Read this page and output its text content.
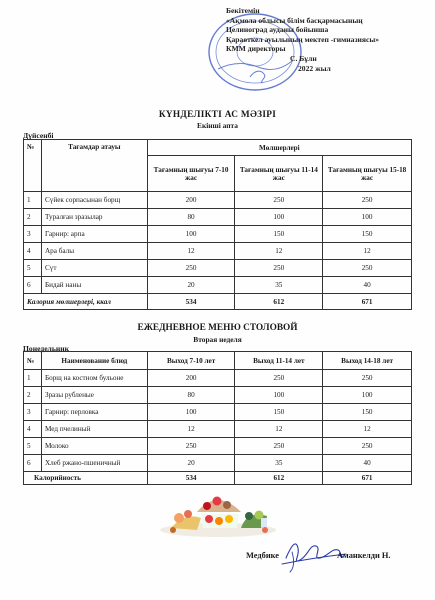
Бекітемін
«Ақмола облысы білім басқармасының
Целиноград ауданы бойынша
Қараөткел ауылының мектеп -гимназиясы»
КММ директоры
С. Бұлн
2022 жыл
КҮНДЕЛІКТІ АС МӘЗІРІ
Екінші апта
Дүйсенбі
№	Тағамдар атауы	Мөлшерлері		
		Тағамның шығуы 7-10 жас	Тағамның шығуы 11-14 жас	Тағамның шығуы 15-18 жас
1	Сүйек сорпасынан борщ	200	250	250
2	Туралған зразылар	80	100	100
3	Гарнир: арпа	100	150	150
4	Ара балы	12	12	12
5	Сүт	250	250	250
6	Бидай наны	20	35	40
Калория мөлшерлері, ккал		534	612	671
ЕЖЕДНЕВНОЕ МЕНЮ СТОЛОВОЙ
Вторая неделя
Понедельник
№	Наименование блюд	Выход 7-10 лет	Выход 11-14 лет	Выход 14-18 лет
1	Борщ на костном бульоне	200	250	250
2	Зразы рубленые	80	100	100
3	Гарнир: перловка	100	150	150
4	Мед пчелиный	12	12	12
5	Молоко	250	250	250
6	Хлеб ржано-пшеничный	20	35	40
Калорийность		534	612	671
Медбике	Аманкелди Н.
